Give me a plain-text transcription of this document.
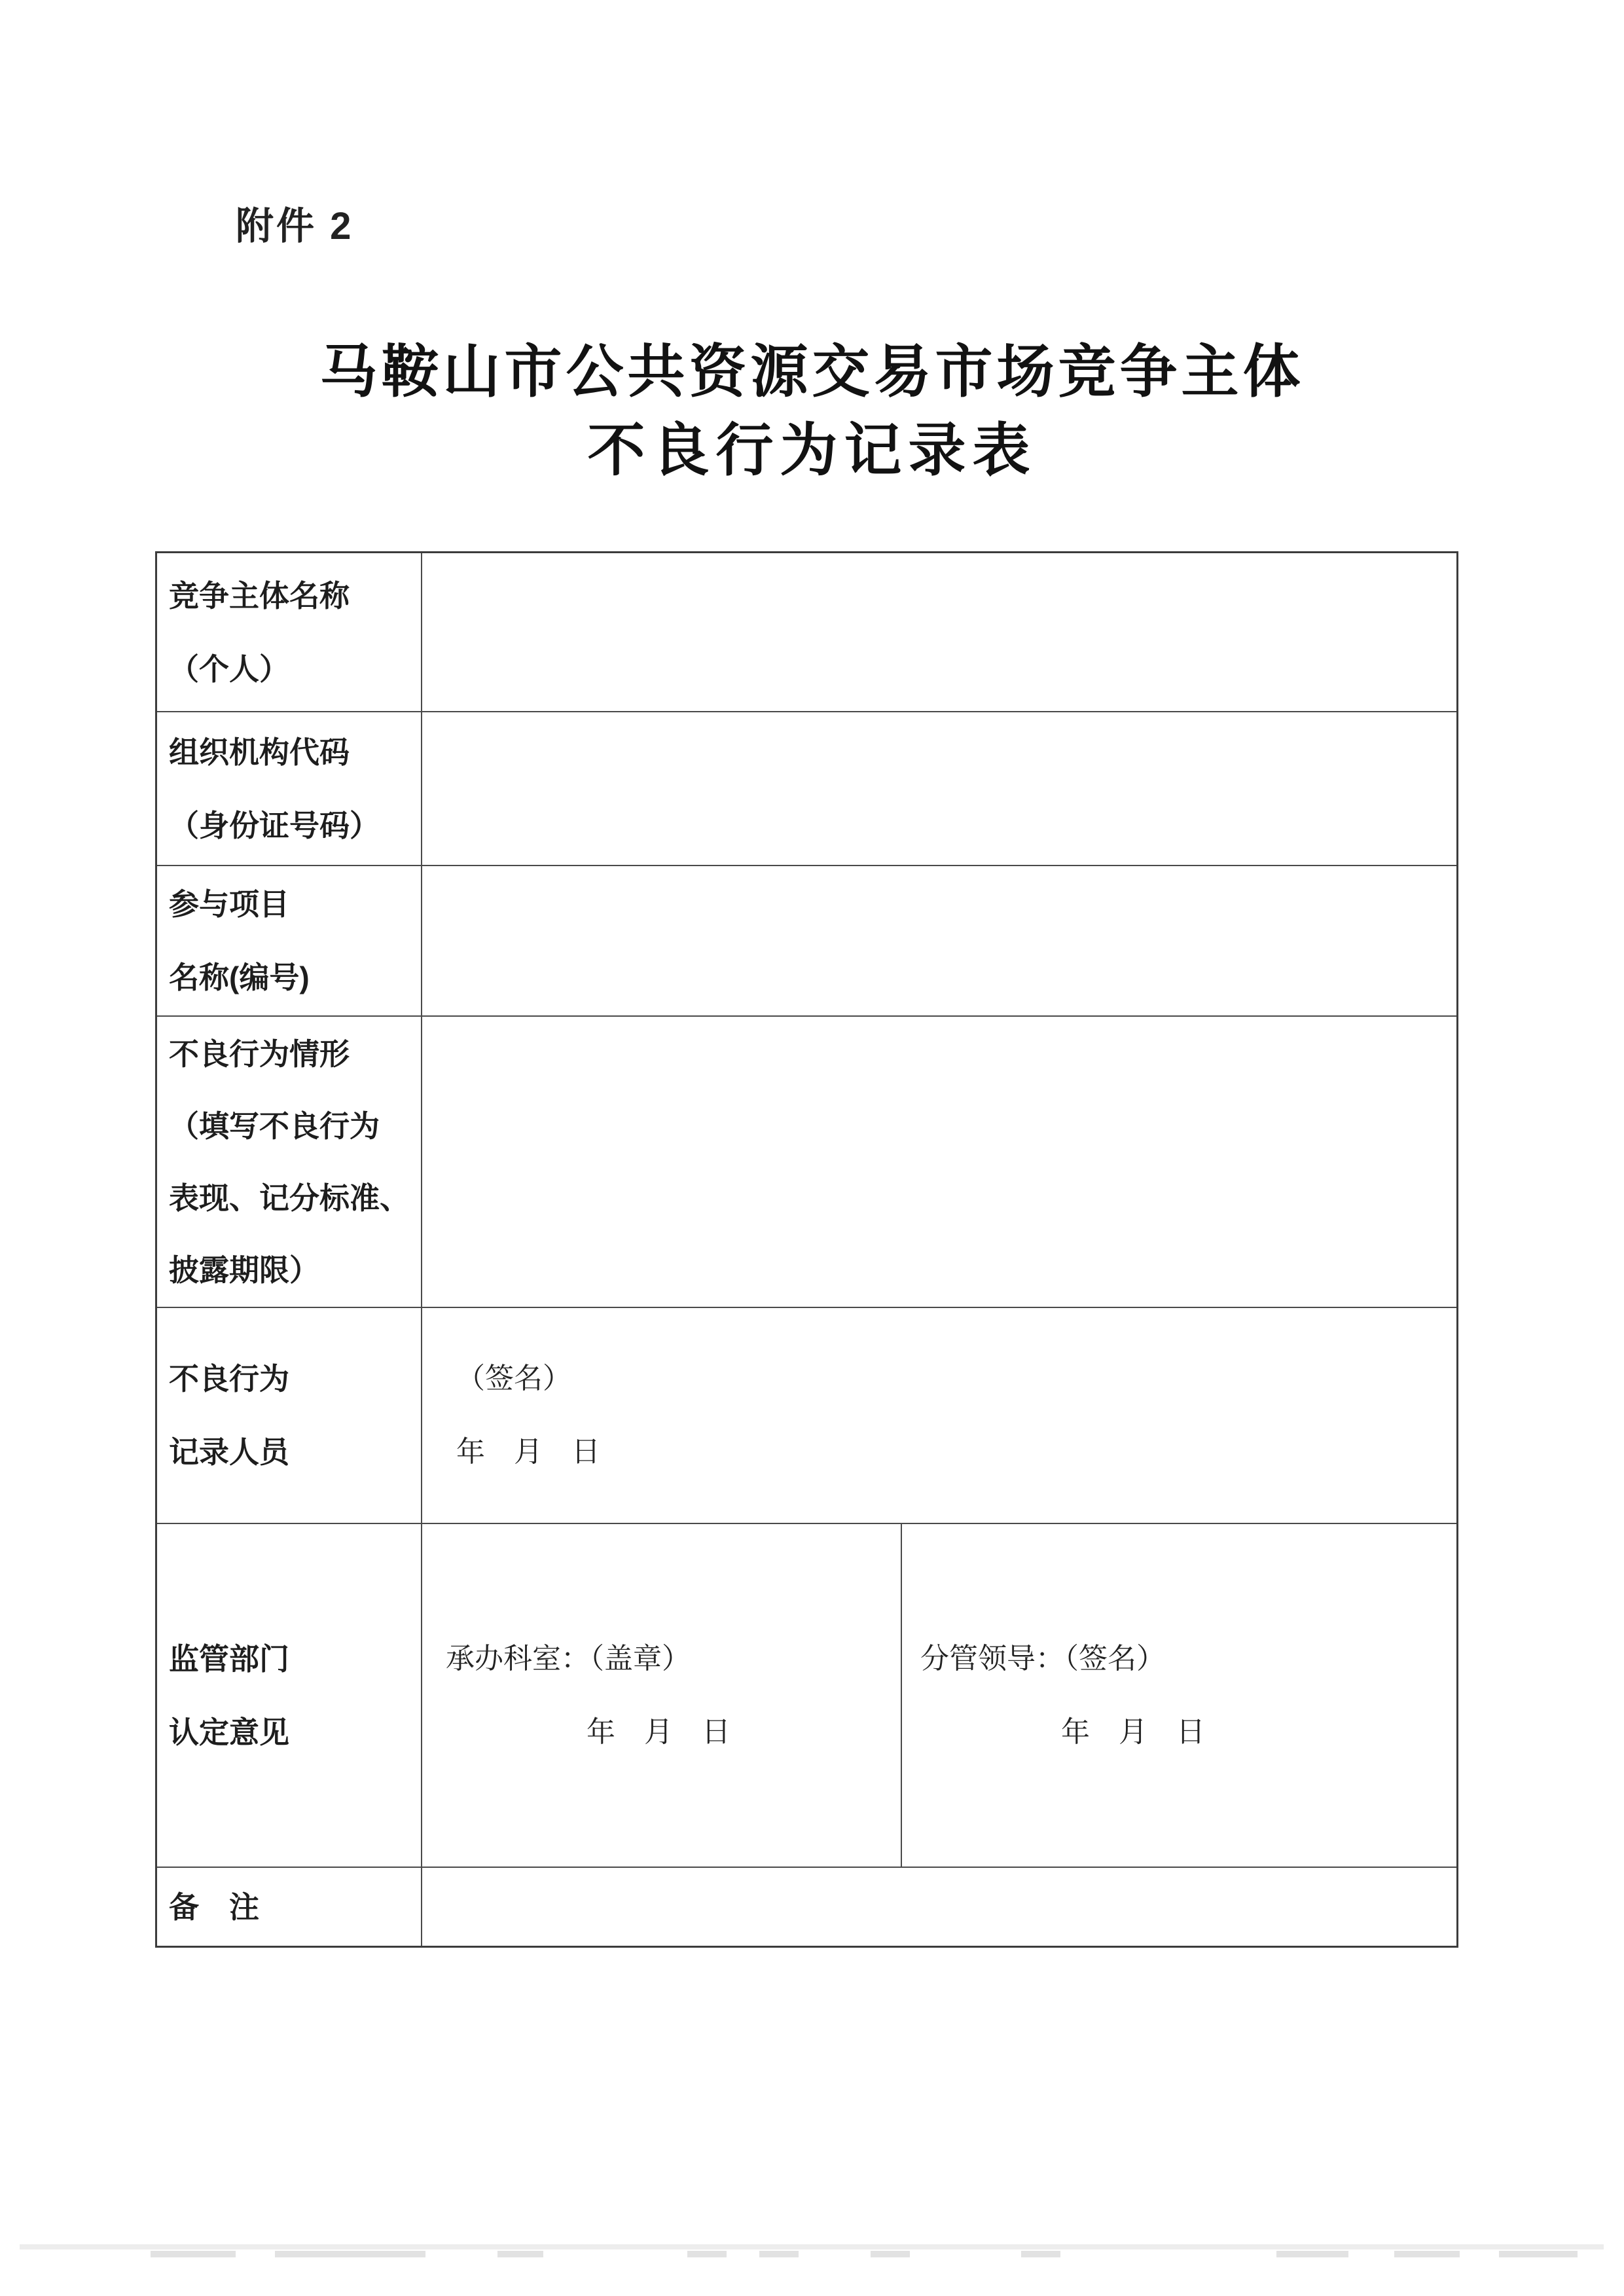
附件 2
马鞍山市公共资源交易市场竞争主体
不良行为记录表
竞争主体名称
（个人）
组织机构代码
（身份证号码）
参与项目
名称(编号)
不良行为情形
（填写不良行为
表现、记分标准、
披露期限）
不良行为
记录人员
（签名）
年　月　日
监管部门
认定意见
承办科室：（盖章）
年　月　日
分管领导：（签名）
年　月　日
备　注
